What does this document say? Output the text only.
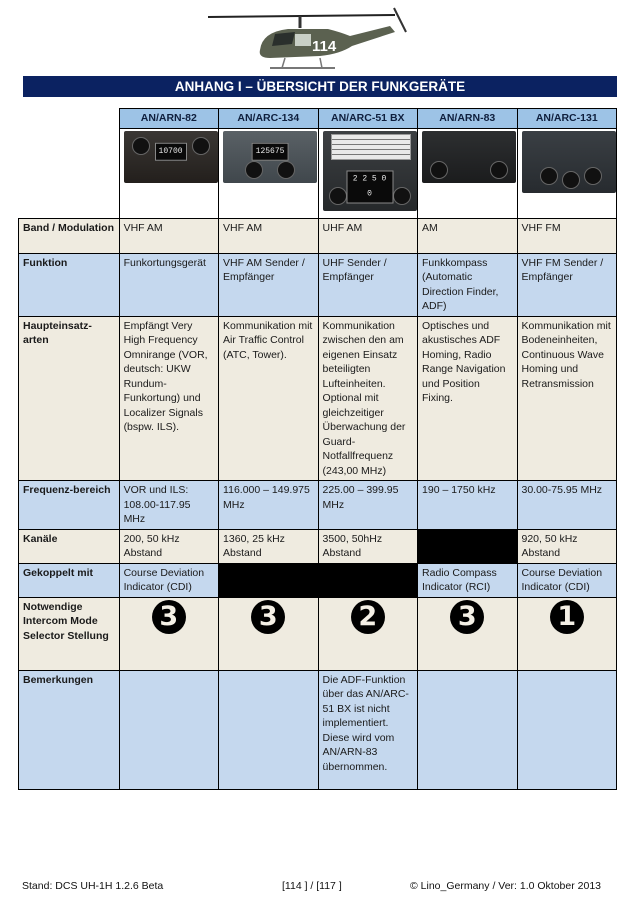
114
ANHANG I – ÜBERSICHT DER FUNKGERÄTE
	AN/ARN-82	AN/ARC-134	AN/ARC-51 BX	AN/ARN-83	AN/ARC-131

	10700	125675	2 2 5 0 0		

Band / Modulation	VHF AM	VHF AM	UHF AM	AM	VHF FM
Funktion	Funkortungsgerät	VHF AM Sender / Empfänger	UHF Sender / Empfänger	Funkkompass (Automatic Direction Finder, ADF)	VHF FM Sender / Empfänger
Haupteinsatz-arten	Empfängt Very High Frequency Omnirange (VOR, deutsch: UKW Rundum-Funkortung) und Localizer Signals (bspw. ILS).	Kommunikation mit Air Traffic Control (ATC, Tower).	Kommunikation zwischen den am eigenen Einsatz beteiligten Lufteinheiten. Optional mit gleichzeitiger Überwachung der Guard-Notfallfrequenz (243,00 MHz)	Optisches und akustisches ADF Homing, Radio Range Navigation und Position Fixing.	Kommunikation mit Bodeneinheiten, Continuous Wave Homing und Retransmission
Frequenz-bereich	VOR und ILS: 108.00-117.95 MHz	116.000 – 149.975 MHz	225.00 – 399.95 MHz	190 – 1750 kHz	30.00-75.95 MHz
Kanäle	200, 50 kHz Abstand	1360, 25 kHz Abstand	3500, 50hHz Abstand		920, 50 kHz Abstand
Gekoppelt mit	Course Deviation Indicator (CDI)			Radio Compass Indicator (RCI)	Course Deviation Indicator (CDI)
Notwendige Intercom Mode Selector Stellung	3	3	2	3	1
Bemerkungen			Die ADF-Funktion über das AN/ARC-51 BX ist nicht implementiert. Diese wird vom AN/ARN-83 übernommen.		
Stand: DCS UH-1H 1.2.6 Beta	[114 ] / [117 ]	© Lino_Germany / Ver: 1.0 Oktober 2013
